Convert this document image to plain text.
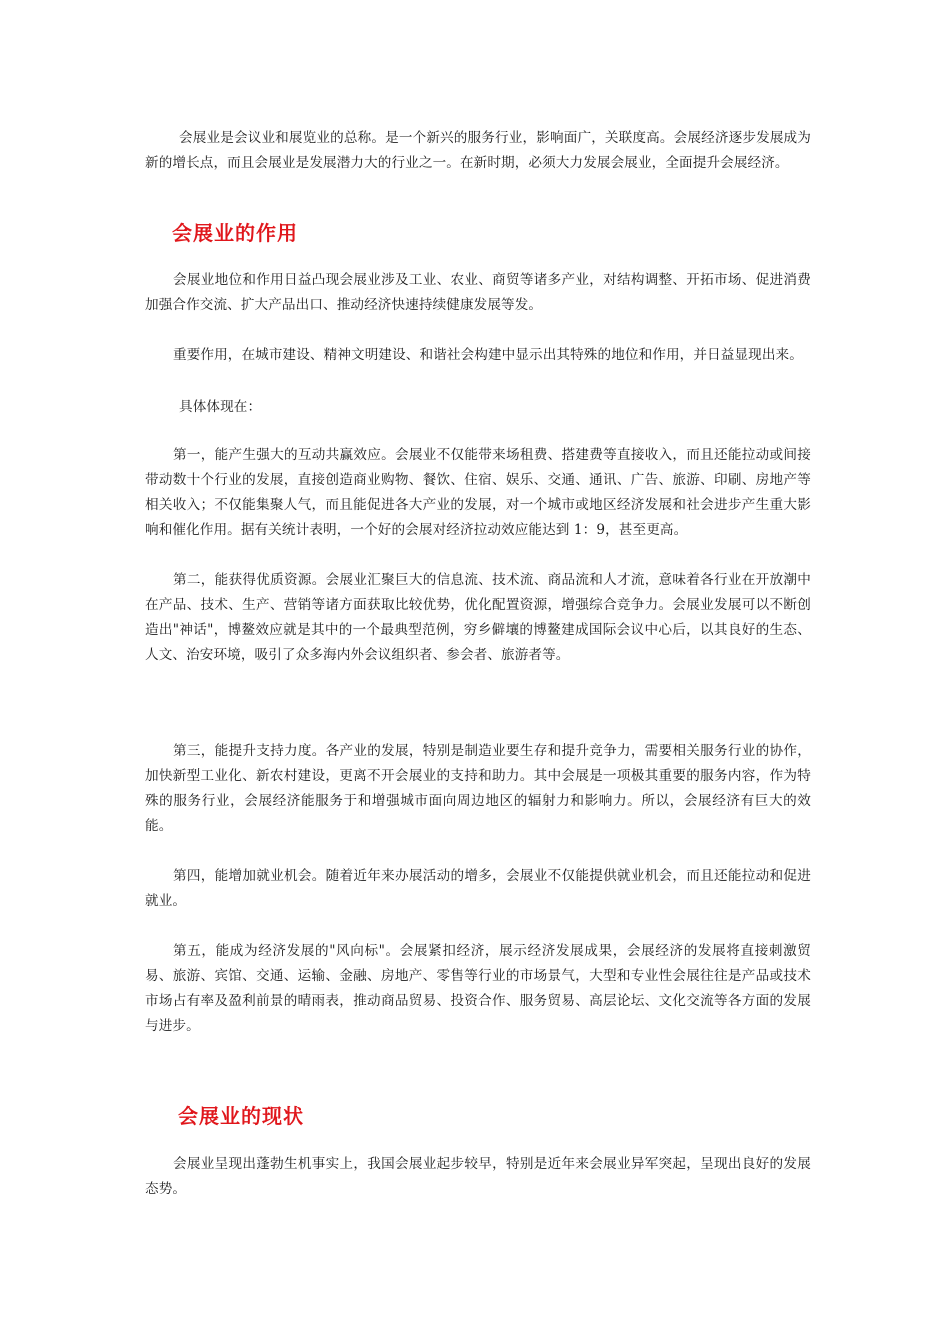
会展业是会议业和展览业的总称。是一个新兴的服务行业，影响面广，关联度高。会展经济逐步发展成为新的增长点，而且会展业是发展潜力大的行业之一。在新时期，必须大力发展会展业，全面提升会展经济。

会展业的作用

会展业地位和作用日益凸现会展业涉及工业、农业、商贸等诸多产业，对结构调整、开拓市场、促进消费加强合作交流、扩大产品出口、推动经济快速持续健康发展等发。

重要作用，在城市建设、精神文明建设、和谐社会构建中显示出其特殊的地位和作用，并日益显现出来。

具体体现在：

第一，能产生强大的互动共赢效应。会展业不仅能带来场租费、搭建费等直接收入，而且还能拉动或间接带动数十个行业的发展，直接创造商业购物、餐饮、住宿、娱乐、交通、通讯、广告、旅游、印刷、房地产等相关收入；不仅能集聚人气，而且能促进各大产业的发展，对一个城市或地区经济发展和社会进步产生重大影响和催化作用。据有关统计表明，一个好的会展对经济拉动效应能达到 1：9，甚至更高。

第二，能获得优质资源。会展业汇聚巨大的信息流、技术流、商品流和人才流，意味着各行业在开放潮中在产品、技术、生产、营销等诸方面获取比较优势，优化配置资源，增强综合竞争力。会展业发展可以不断创造出"神话"，博鳌效应就是其中的一个最典型范例，穷乡僻壤的博鳌建成国际会议中心后，以其良好的生态、人文、治安环境，吸引了众多海内外会议组织者、参会者、旅游者等。

第三，能提升支持力度。各产业的发展，特别是制造业要生存和提升竞争力，需要相关服务行业的协作，加快新型工业化、新农村建设，更离不开会展业的支持和助力。其中会展是一项极其重要的服务内容，作为特殊的服务行业，会展经济能服务于和增强城市面向周边地区的辐射力和影响力。所以，会展经济有巨大的效能。

第四，能增加就业机会。随着近年来办展活动的增多，会展业不仅能提供就业机会，而且还能拉动和促进就业。

第五，能成为经济发展的"风向标"。会展紧扣经济，展示经济发展成果，会展经济的发展将直接刺激贸易、旅游、宾馆、交通、运输、金融、房地产、零售等行业的市场景气，大型和专业性会展往往是产品或技术市场占有率及盈利前景的晴雨表，推动商品贸易、投资合作、服务贸易、高层论坛、文化交流等各方面的发展与进步。

会展业的现状

会展业呈现出蓬勃生机事实上，我国会展业起步较早，特别是近年来会展业异军突起，呈现出良好的发展态势。
